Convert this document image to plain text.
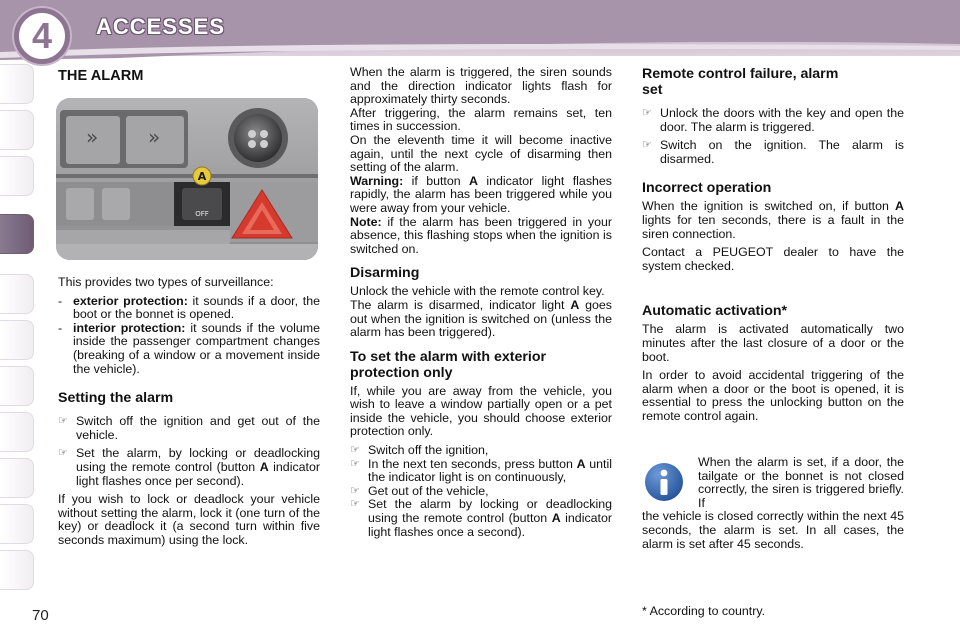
4	ACCESSES
» »
A
OFF
THE ALARM
This provides two types of surveillance:
- exterior protection: it sounds if a door, the boot or the bonnet is opened.
- interior protection: it sounds if the volume inside the passenger compartment changes (breaking of a window or a movement inside the vehicle).
Setting the alarm
☞ Switch off the ignition and get out of the vehicle.
☞ Set the alarm, by locking or deadlocking using the remote control (button A indicator light flashes once per second).
If you wish to lock or deadlock your vehicle without setting the alarm, lock it (one turn of the key) or deadlock it (a second turn within five seconds maximum) using the lock.
When the alarm is triggered, the siren sounds and the direction indicator lights flash for approximately thirty seconds.
After triggering, the alarm remains set, ten times in succession.
On the eleventh time it will become inactive again, until the next cycle of disarming then setting of the alarm.
Warning: if button A indicator light flashes rapidly, the alarm has been triggered while you were away from your vehicle.
Note: if the alarm has been triggered in your absence, this flashing stops when the ignition is switched on.
Disarming
Unlock the vehicle with the remote control key.
The alarm is disarmed, indicator light A goes out when the ignition is switched on (unless the alarm has been triggered).
To set the alarm with exterior protection only
If, while you are away from the vehicle, you wish to leave a window partially open or a pet inside the vehicle, you should choose exterior protection only.
☞ Switch off the ignition,
☞ In the next ten seconds, press button A until the indicator light is on continuously,
☞ Get out of the vehicle,
☞ Set the alarm by locking or deadlocking using the remote control (button A indicator light flashes once a second).
Remote control failure, alarm set
☞ Unlock the doors with the key and open the door. The alarm is triggered.
☞ Switch on the ignition. The alarm is disarmed.
Incorrect operation
When the ignition is switched on, if button A lights for ten seconds, there is a fault in the siren connection.
Contact a PEUGEOT dealer to have the system checked.
Automatic activation*
The alarm is activated automatically two minutes after the last closure of a door or the boot.
In order to avoid accidental triggering of the alarm when a door or the boot is opened, it is essential to press the unlocking button on the remote control again.
When the alarm is set, if a door, the tailgate or the bonnet is not closed correctly, the siren is triggered briefly. If
the vehicle is closed correctly within the next 45 seconds, the alarm is set. In all cases, the alarm is set after 45 seconds.
* According to country.
70
